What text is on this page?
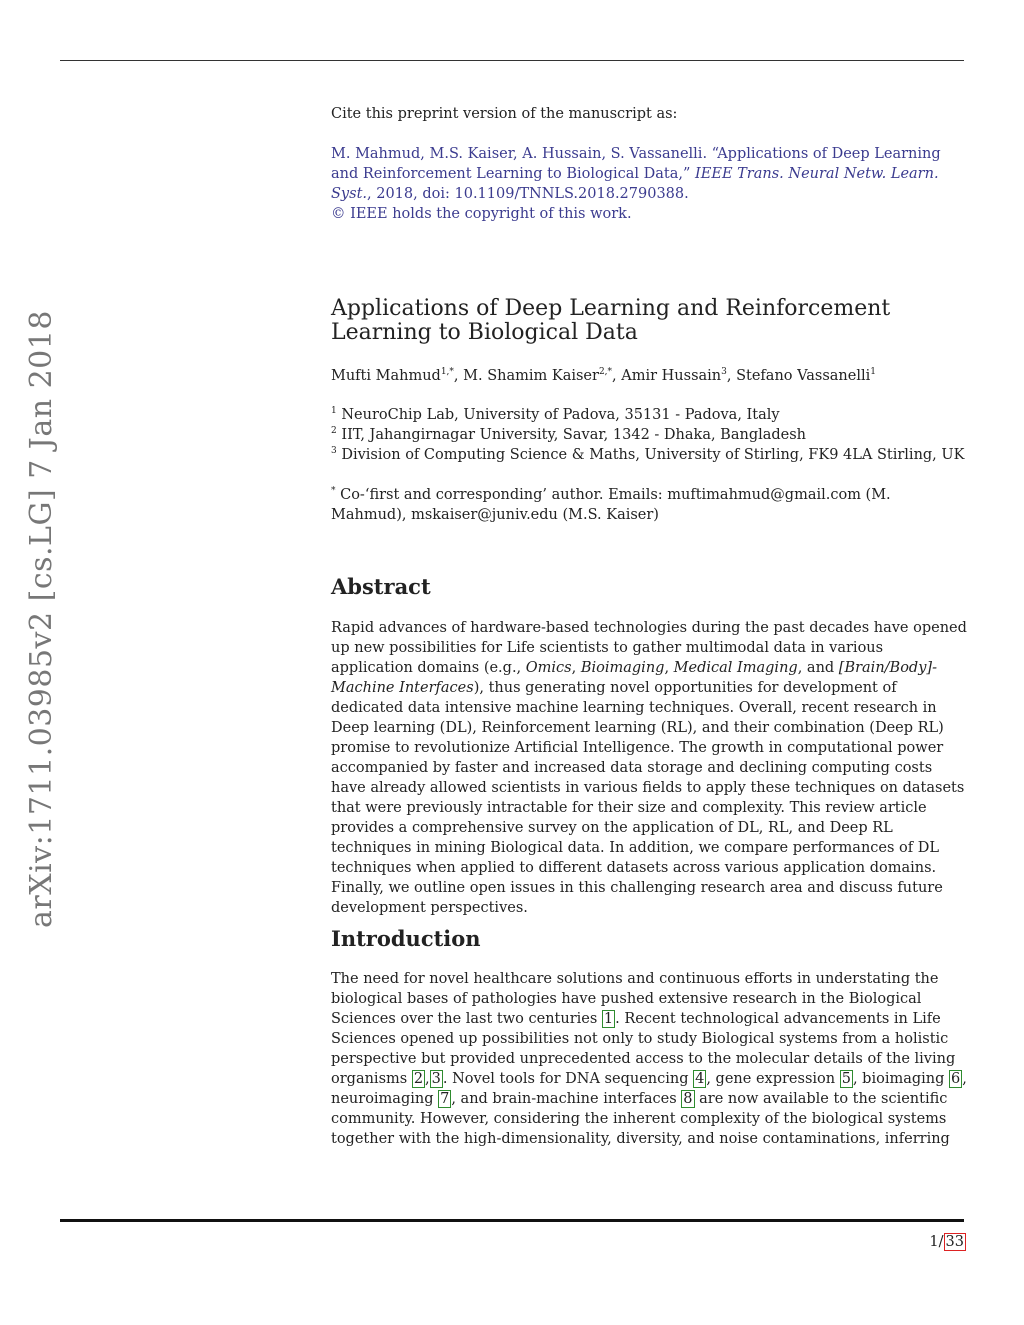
arXiv:1711.03985v2 [cs.LG] 7 Jan 2018

Cite this preprint version of the manuscript as:

M. Mahmud, M.S. Kaiser, A. Hussain, S. Vassanelli. “Applications of Deep Learning and Reinforcement Learning to Biological Data,” IEEE Trans. Neural Netw. Learn. Syst., 2018, doi: 10.1109/TNNLS.2018.2790388.
© IEEE holds the copyright of this work.

Applications of Deep Learning and Reinforcement Learning to Biological Data

Mufti Mahmud$^{1,*}$, M. Shamim Kaiser$^{2,*}$, Amir Hussain$^3$, Stefano Vassanelli$^1$

$^1$ NeuroChip Lab, University of Padova, 35131 - Padova, Italy
$^2$ IIT, Jahangirnagar University, Savar, 1342 - Dhaka, Bangladesh
$^3$ Division of Computing Science & Maths, University of Stirling, FK9 4LA Stirling, UK

* Co-‘first and corresponding’ author. Emails: muftimahmud@gmail.com (M. Mahmud), mskaiser@juniv.edu (M.S. Kaiser)

Abstract

Rapid advances of hardware-based technologies during the past decades have opened up new possibilities for Life scientists to gather multimodal data in various application domains (e.g., Omics, Bioimaging, Medical Imaging, and [Brain/Body]-Machine Interfaces), thus generating novel opportunities for development of dedicated data intensive machine learning techniques. Overall, recent research in Deep learning (DL), Reinforcement learning (RL), and their combination (Deep RL) promise to revolutionize Artificial Intelligence. The growth in computational power accompanied by faster and increased data storage and declining computing costs have already allowed scientists in various fields to apply these techniques on datasets that were previously intractable for their size and complexity. This review article provides a comprehensive survey on the application of DL, RL, and Deep RL techniques in mining Biological data. In addition, we compare performances of DL techniques when applied to different datasets across various application domains. Finally, we outline open issues in this challenging research area and discuss future development perspectives.

Introduction

The need for novel healthcare solutions and continuous efforts in understating the biological bases of pathologies have pushed extensive research in the Biological Sciences over the last two centuries 1 . Recent technological advancements in Life Sciences opened up possibilities not only to study Biological systems from a holistic perspective but provided unprecedented access to the molecular details of the living organisms 2 , 3 . Novel tools for DNA sequencing 4 , gene expression 5 , bioimaging 6 , neuroimaging 7 , and brain-machine interfaces 8 are now available to the scientific community. However, considering the inherent complexity of the biological systems together with the high-dimensionality, diversity, and noise contaminations, inferring

1/ 33
